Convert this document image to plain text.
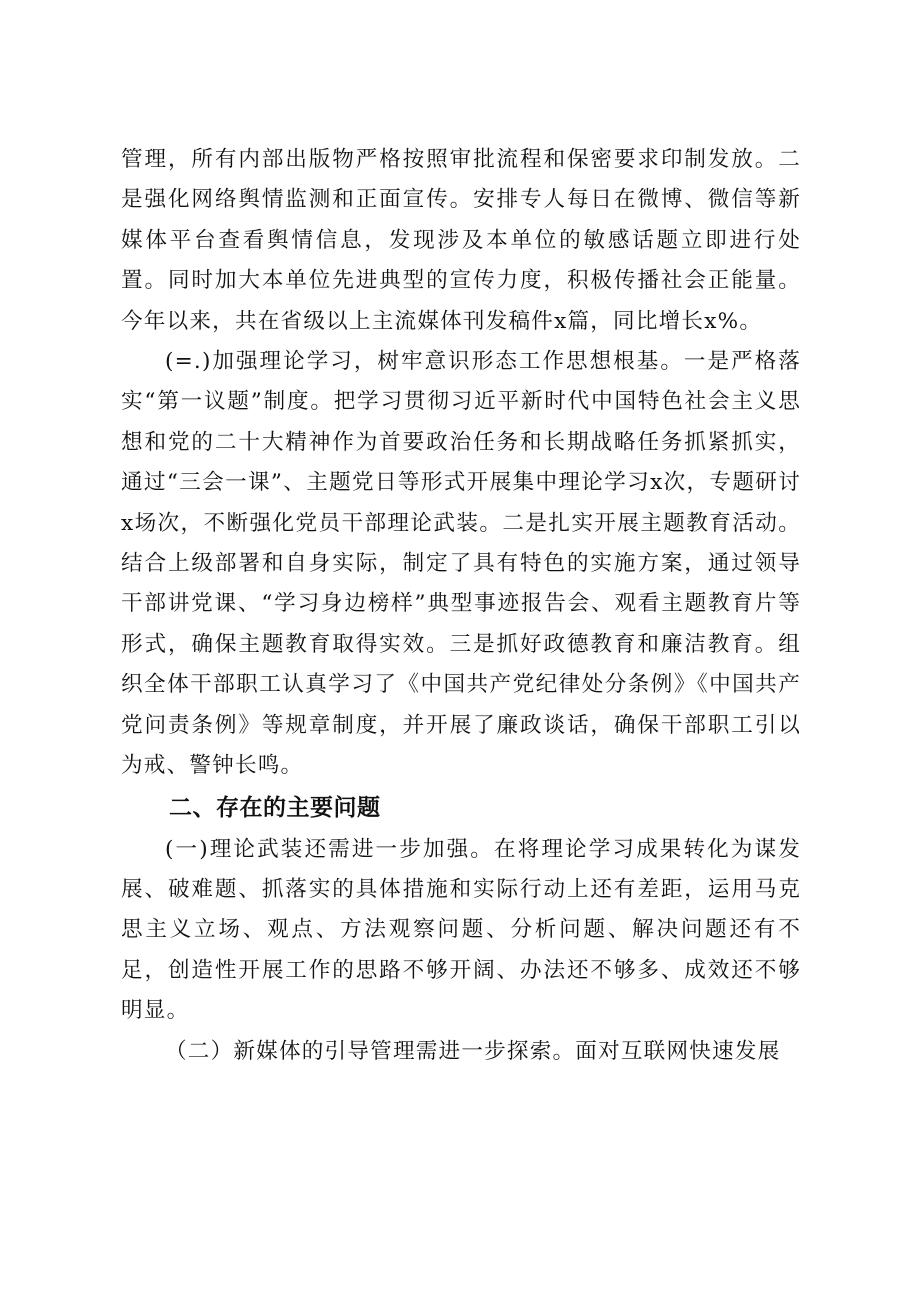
管理，所有内部出版物严格按照审批流程和保密要求印制发放。二是强化网络舆情监测和正面宣传。安排专人每日在微博、微信等新媒体平台查看舆情信息，发现涉及本单位的敏感话题立即进行处置。同时加大本单位先进典型的宣传力度，积极传播社会正能量。今年以来，共在省级以上主流媒体刊发稿件x篇，同比增长x%。

(=.)加强理论学习，树牢意识形态工作思想根基。一是严格落实“第一议题”制度。把学习贯彻习近平新时代中国特色社会主义思想和党的二十大精神作为首要政治任务和长期战略任务抓紧抓实，通过“三会一课”、主题党日等形式开展集中理论学习x次，专题研讨x场次，不断强化党员干部理论武装。二是扎实开展主题教育活动。结合上级部署和自身实际，制定了具有特色的实施方案，通过领导干部讲党课、“学习身边榜样”典型事迹报告会、观看主题教育片等形式，确保主题教育取得实效。三是抓好政德教育和廉洁教育。组织全体干部职工认真学习了《中国共产党纪律处分条例》《中国共产党问责条例》等规章制度，并开展了廉政谈话，确保干部职工引以为戒、警钟长鸣。

二、存在的主要问题

(一)理论武装还需进一步加强。在将理论学习成果转化为谋发展、破难题、抓落实的具体措施和实际行动上还有差距，运用马克思主义立场、观点、方法观察问题、分析问题、解决问题还有不足，创造性开展工作的思路不够开阔、办法还不够多、成效还不够明显。

（二）新媒体的引导管理需进一步探索。面对互联网快速发展
